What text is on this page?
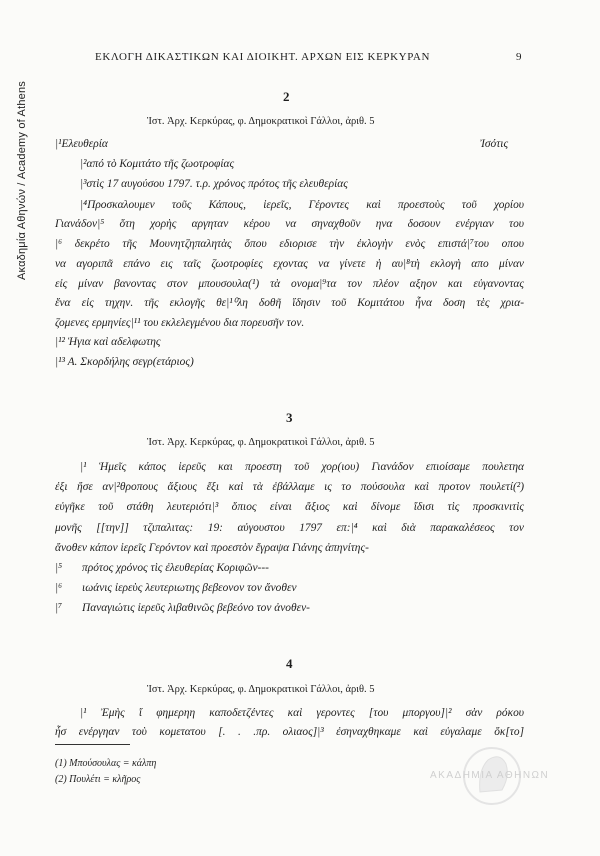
Ακαδημία Αθηνών / Academy of Athens
ΕΚΛΟΓΗ ΔΙΚΑΣΤΙΚΩΝ ΚΑΙ ΔΙΟΙΚΗΤ. ΑΡΧΩΝ ΕΙΣ ΚΕΡΚΥΡΑΝ	9
2
Ἱστ. Ἀρχ. Κερκύρας, φ. Δημοκρατικοὶ Γάλλοι, ἀριθ. 5
|¹Ελευθερία	Ἰσότις
|²από τὸ Κομιτάτο τῆς ζωοτροφίας
|³στὶς 17 αυγούσου 1797. τ.ρ. χρόνος πρότος τῆς ελευθερίας
|⁴Προσκαλουμεν τοῦς Κάπους, ἱερεῖς, Γέροντες καὶ προεστοὺς τοῦ χορίου
Γιανάδον|⁵ ὅτη χορὴς αργηταν κέρου να σηναχθοῦν ηνα δοσουν ενέργιαν του
|⁶ δεκρέτο τῆς Μουνητζηπαλητὰς ὅπου εδιορισε τὴν ἐκλογὴν ενὸς επιστά|⁷του οπου
να αγοριπᾶ επάνο εις ταῖς ζωοτροφίες εχοντας να γίνετε ἡ αυ|⁸τὴ εκλογὴ απο μίναν
εἰς μίναν βανοντας στον μπουσουλα(¹) τὰ ονομα|⁹τα τον πλέον αξηον και εὐγανοντας
ἕνα εἰς τηχην. τῆς εκλογῆς θε|¹⁰λη δοθῆ ἴδησιν τοῦ Κομιτάτου ἦνα δοση τὲς χρια-
ζομενες ερμηνίες|¹¹ του εκλελεγμένου δια πορευσῆν τον.
|¹² Ἡγια καὶ αδελφωτης
|¹³ Α. Σκορδήλης σεγρ(ετάριος)
3
Ἱστ. Ἀρχ. Κερκύρας, φ. Δημοκρατικοὶ Γάλλοι, ἀριθ. 5
|¹ Ἡμεῖς κάπος ἱερεῦς και προεστη τοῦ χορ(ιου) Γιανάδον επιοίσαμε πουλετηα
ἐξι ἤσε αν|²θροπους ἄξιους ἔξι καὶ τὰ ἐβάλλαμε ις το πούσουλα καὶ προτον πουλετί(²)
εὐγῆκε τοῦ στάθη λευτεριότι|³ ὅπιος είναι ἄξιος καὶ δίνομε ἴδισι τὶς προσκινιτὶς
μονῆς [[την]] τζιπαλιτας: 19: αὐγουστου 1797 επ:|⁴ καὶ διὰ παρακαλέσεος τον
ἄνοθεν κάπον ἱερεῖς Γερόντον καὶ προεστὸν ἔγραψα Γιάνης ἀπηνίτης-
|⁵       πρότος χρόνος τὶς ἐλευθερίας Κοριφῶν---
|⁶       ιωάνις ἱερεὺς λευτεριωτης βεβεονον τον ἄνοθεν
|⁷       Παναγιώτις ἱερεῦς λιβαθινῶς βεβεόνο τον ἀνοθεν-
4
Ἱστ. Ἀρχ. Κερκύρας, φ. Δημοκρατικοὶ Γάλλοι, ἀριθ. 5
|¹ Ἐμὴς ἴ φημερηη καποδετζέντες καὶ γεροντες [του μποργου]|² σὰν ρόκου
ἦσ ενέργηαν τοὺ κομετατου [. . .πρ. ολιαος]|³ ἐσηναχθηκαμε καὶ εὐγαλαμε ὅκ[το]
(1) Μπούσουλας = κάλπη
(2) Πουλέτι = κλῆρος	ΑΚΑΔΗΜΙΑ ΑΘΗΝΩΝ
